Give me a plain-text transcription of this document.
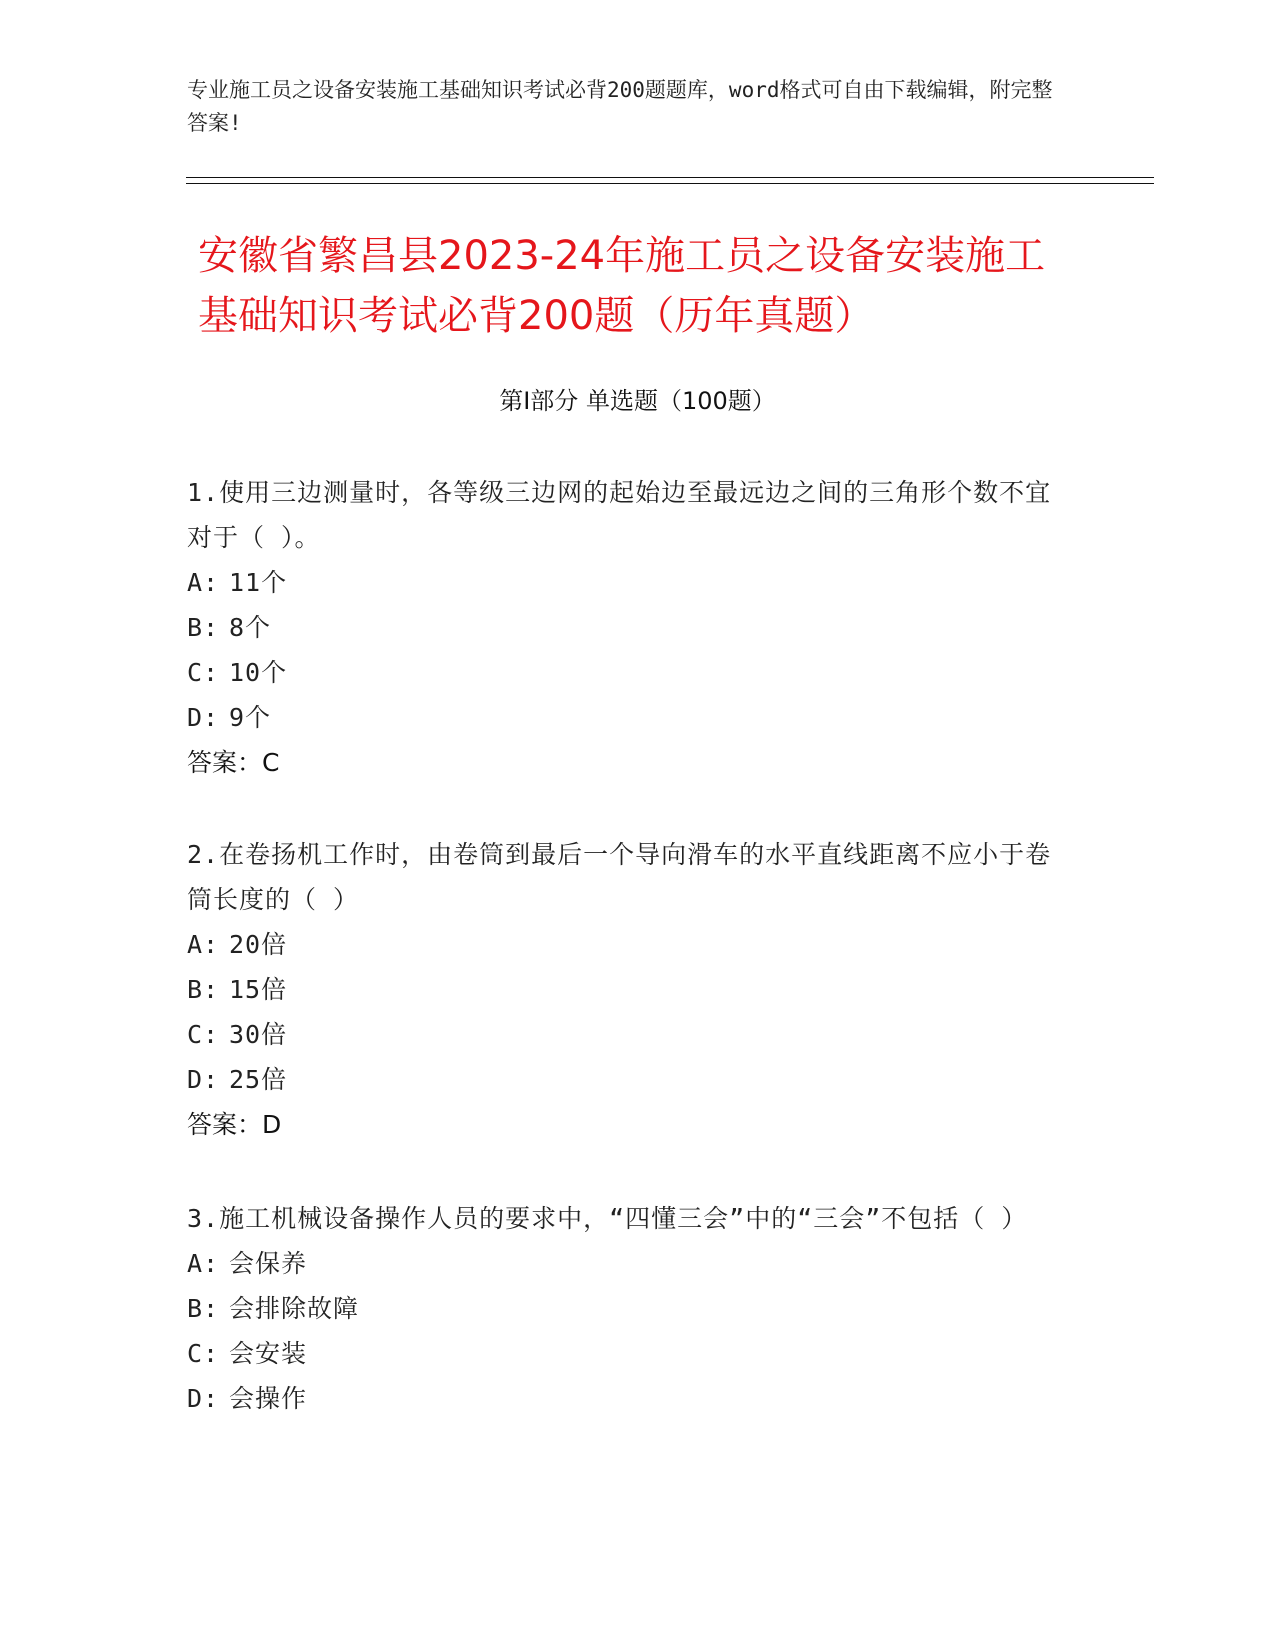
专业施工员之设备安装施工基础知识考试必背200题题库，word格式可自由下载编辑，附完整答案!
安徽省繁昌县2023-24年施工员之设备安装施工基础知识考试必背200题（历年真题）
第Ⅰ部分 单选题（100题）
1.使用三边测量时，各等级三边网的起始边至最远边之间的三角形个数不宜对于（ ）。
A: 11个
B: 8个
C: 10个
D: 9个
答案：C
2.在卷扬机工作时，由卷筒到最后一个导向滑车的水平直线距离不应小于卷筒长度的（ ）
A: 20倍
B: 15倍
C: 30倍
D: 25倍
答案：D
3.施工机械设备操作人员的要求中，“四懂三会”中的“三会”不包括（ ）
A: 会保养
B: 会排除故障
C: 会安装
D: 会操作
